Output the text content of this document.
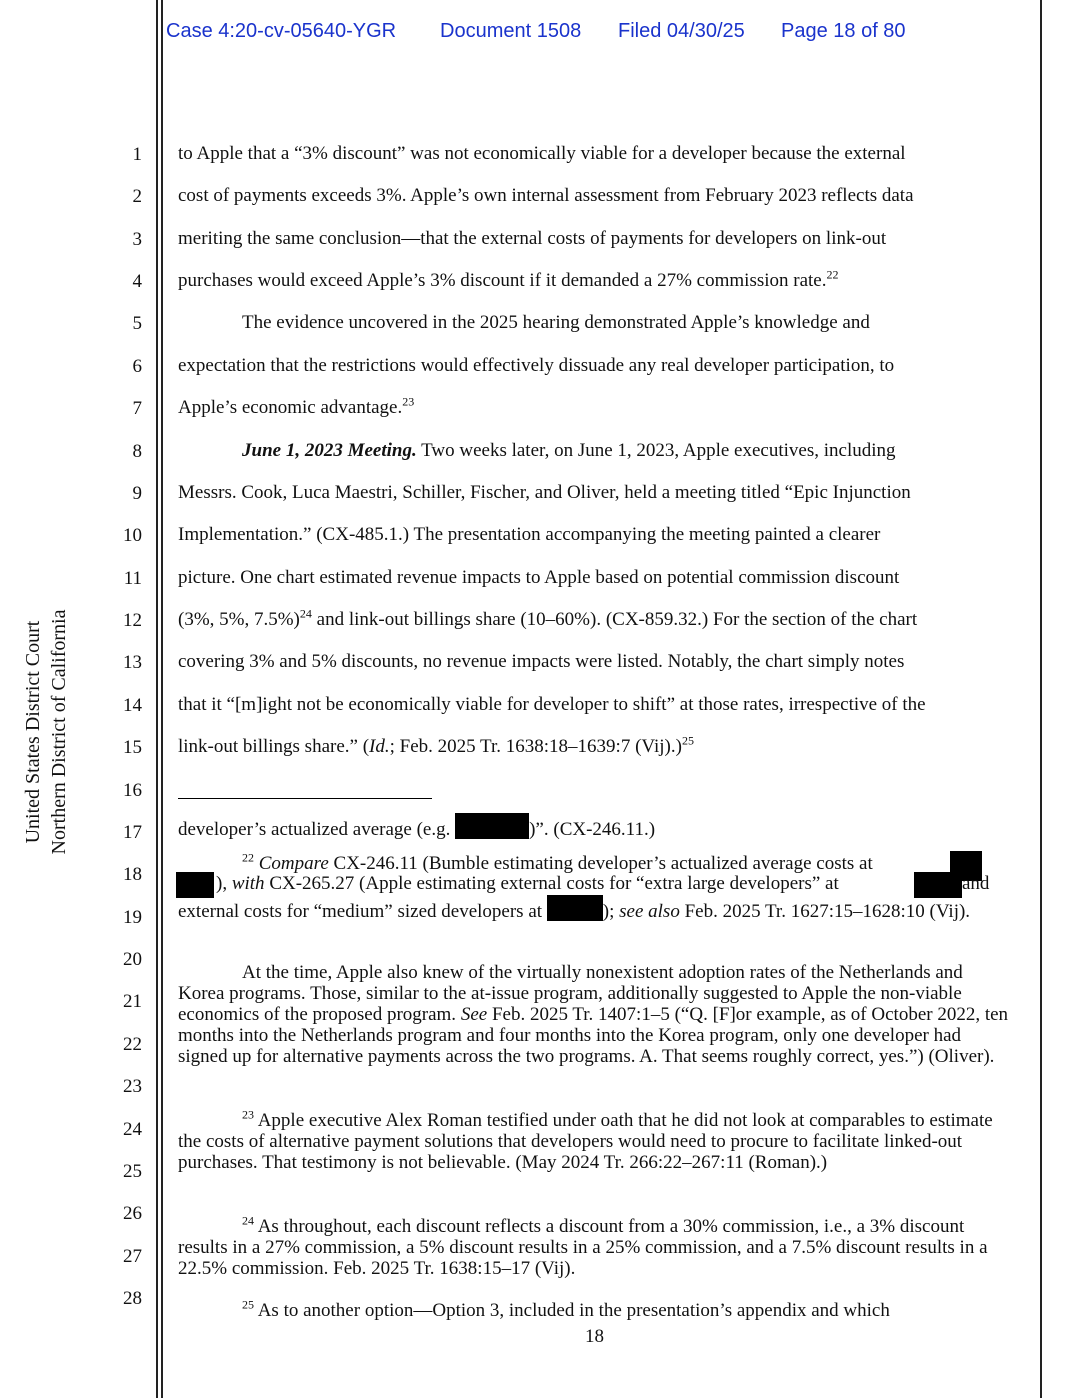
Case 4:20-cv-05640-YGR Document 1508 Filed 04/30/25 Page 18 of 80
United States District Court Northern District of California
1
2
3
4
5
6
7
8
9
10
11
12
13
14
15
16
17
18
19
20
21
22
23
24
25
26
27
28
to Apple that a “3% discount” was not economically viable for a developer because the external
cost of payments exceeds 3%. Apple’s own internal assessment from February 2023 reflects data
meriting the same conclusion—that the external costs of payments for developers on link-out
purchases would exceed Apple’s 3% discount if it demanded a 27% commission rate.$^{22}$
The evidence uncovered in the 2025 hearing demonstrated Apple’s knowledge and
expectation that the restrictions would effectively dissuade any real developer participation, to
Apple’s economic advantage.$^{23}$
June 1, 2023 Meeting. Two weeks later, on June 1, 2023, Apple executives, including
Messrs. Cook, Luca Maestri, Schiller, Fischer, and Oliver, held a meeting titled “Epic Injunction
Implementation.” (CX-485.1.) The presentation accompanying the meeting painted a clearer
picture. One chart estimated revenue impacts to Apple based on potential commission discount
(3%, 5%, 7.5%)$^{24}$ and link-out billings share (10–60%). (CX-859.32.) For the section of the chart
covering 3% and 5% discounts, no revenue impacts were listed. Notably, the chart simply notes
that it “[m]ight not be economically viable for developer to shift” at those rates, irrespective of the
link-out billings share.” (Id.; Feb. 2025 Tr. 1638:18–1639:7 (Vij).)$^{25}$
developer’s actualized average (e.g.	)”. (CX-246.11.)
$^{22}$ Compare CX-246.11 (Bumble estimating developer’s actualized average costs at
), with CX-265.27 (Apple estimating external costs for “extra large developers” at	and
external costs for “medium” sized developers at	); see also Feb. 2025 Tr. 1627:15–1628:10 (Vij).
At the time, Apple also knew of the virtually nonexistent adoption rates of the Netherlands and Korea programs. Those, similar to the at-issue program, additionally suggested to Apple the non-viable economics of the proposed program. See Feb. 2025 Tr. 1407:1–5 (“Q. [F]or example, as of October 2022, ten months into the Netherlands program and four months into the Korea program, only one developer had signed up for alternative payments across the two programs. A. That seems roughly correct, yes.”) (Oliver).
$^{23}$ Apple executive Alex Roman testified under oath that he did not look at comparables to estimate the costs of alternative payment solutions that developers would need to procure to facilitate linked-out purchases. That testimony is not believable. (May 2024 Tr. 266:22–267:11 (Roman).)
$^{24}$ As throughout, each discount reflects a discount from a 30% commission, i.e., a 3% discount results in a 27% commission, a 5% discount results in a 25% commission, and a 7.5% discount results in a 22.5% commission. Feb. 2025 Tr. 1638:15–17 (Vij).
$^{25}$ As to another option—Option 3, included in the presentation’s appendix and which
18
